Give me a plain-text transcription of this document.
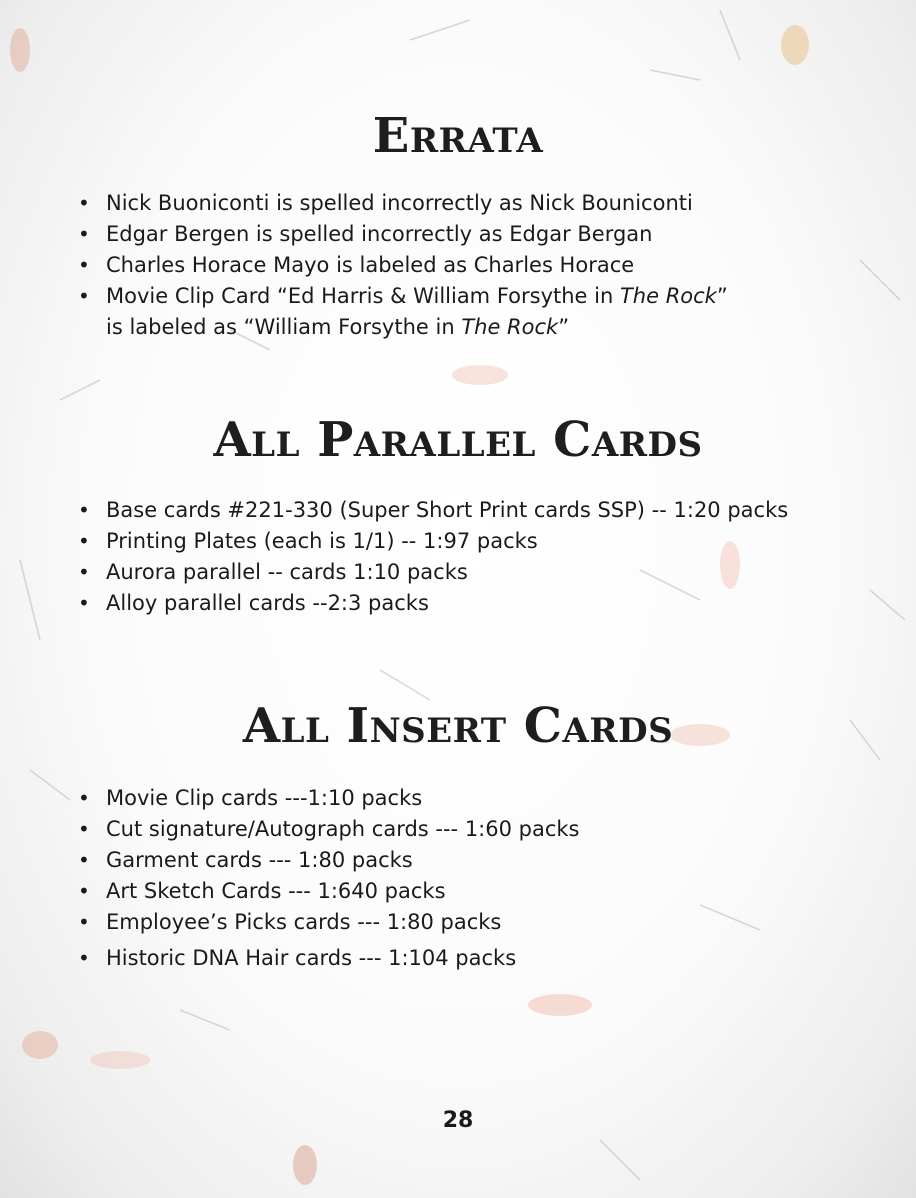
Errata
• Nick Buoniconti is spelled incorrectly as Nick Bouniconti
• Edgar Bergen is spelled incorrectly as Edgar Bergan
• Charles Horace Mayo is labeled as Charles Horace
• Movie Clip Card “Ed Harris & William Forsythe in The Rock”
is labeled as “William Forsythe in The Rock”
All Parallel Cards
• Base cards #221-330 (Super Short Print cards SSP) -- 1:20 packs
• Printing Plates (each is 1/1) -- 1:97 packs
• Aurora parallel -- cards 1:10 packs
• Alloy parallel cards --2:3 packs
All Insert Cards
• Movie Clip cards ---1:10 packs
• Cut signature/Autograph cards --- 1:60 packs
• Garment cards --- 1:80 packs
• Art Sketch Cards --- 1:640 packs
• Employee’s Picks cards --- 1:80 packs
• Historic DNA Hair cards --- 1:104 packs
28
